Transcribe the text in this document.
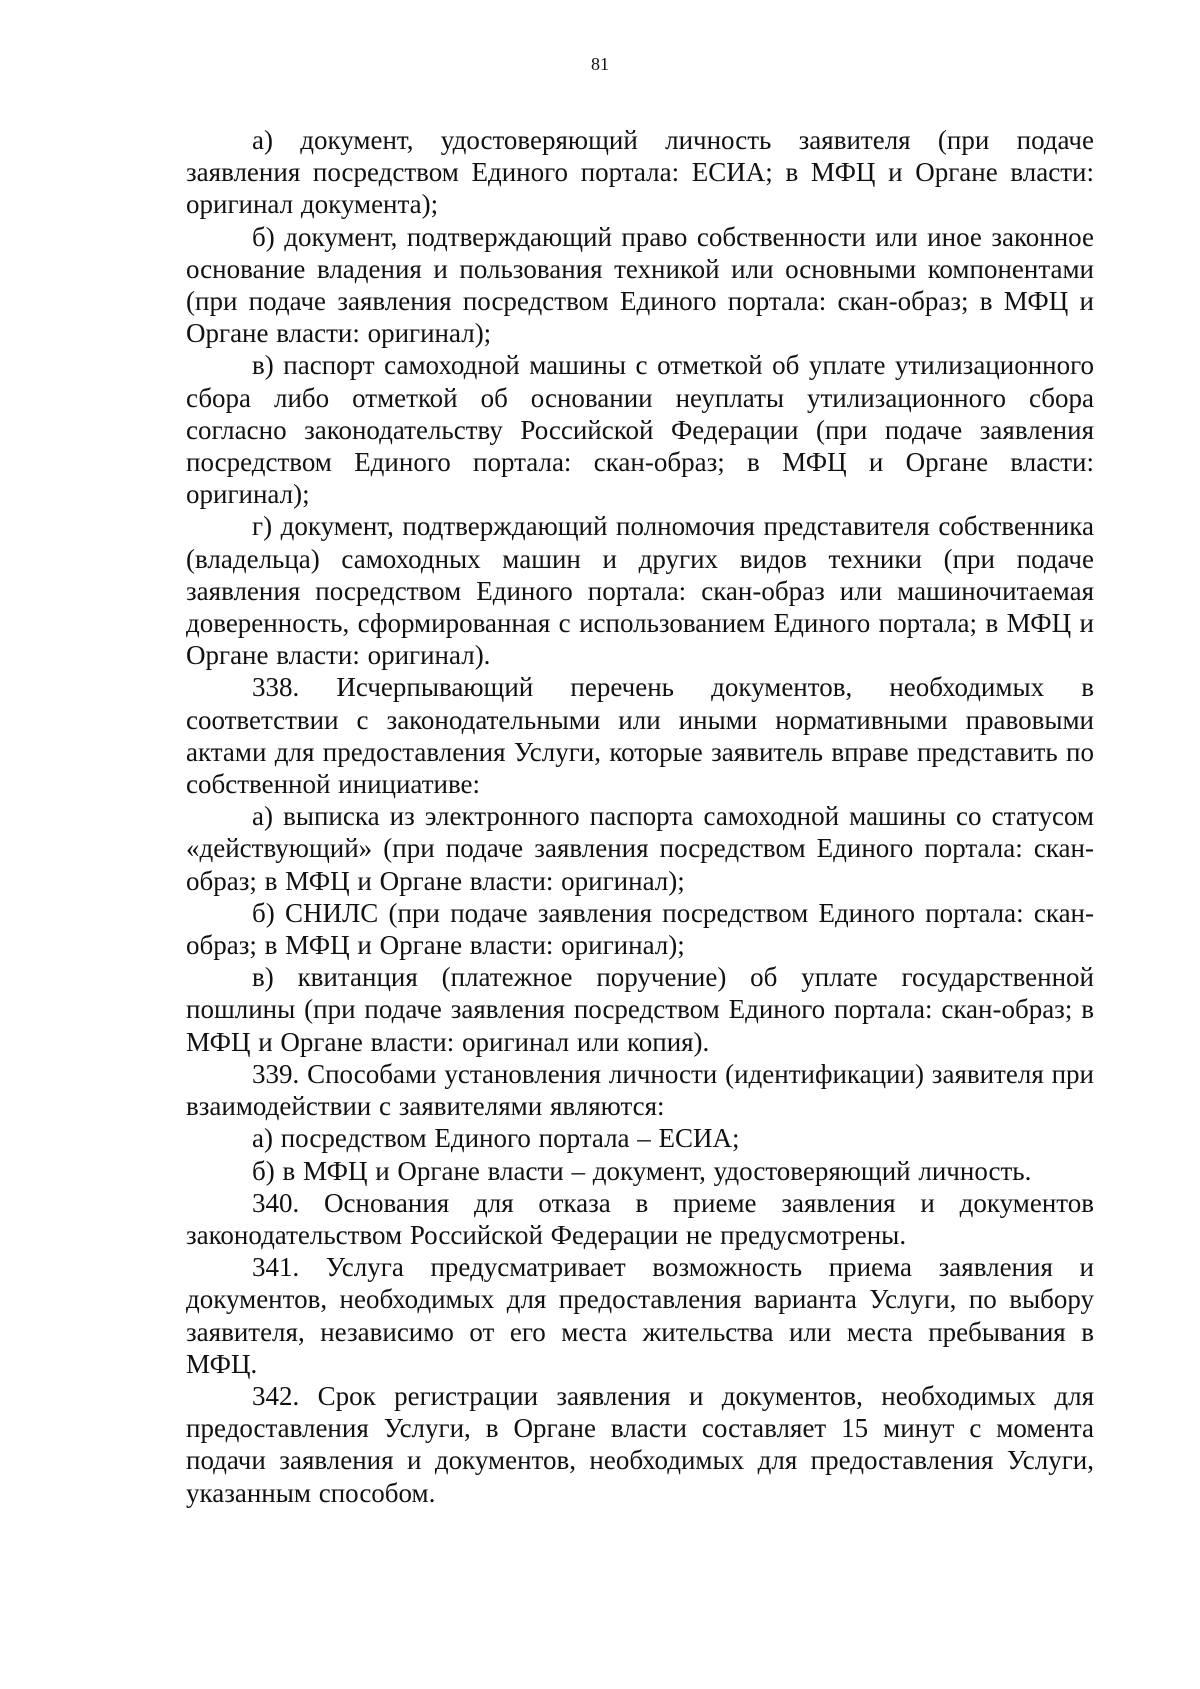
81

а) документ, удостоверяющий личность заявителя (при подаче заявления посредством Единого портала: ЕСИА; в МФЦ и Органе власти: оригинал документа);

б) документ, подтверждающий право собственности или иное законное основание владения и пользования техникой или основными компонентами (при подаче заявления посредством Единого портала: скан-образ; в МФЦ и Органе власти: оригинал);

в) паспорт самоходной машины с отметкой об уплате утилизационного сбора либо отметкой об основании неуплаты утилизационного сбора согласно законодательству Российской Федерации (при подаче заявления посредством Единого портала: скан-образ; в МФЦ и Органе власти: оригинал);

г) документ, подтверждающий полномочия представителя собственника (владельца) самоходных машин и других видов техники (при подаче заявления посредством Единого портала: скан-образ или машиночитаемая доверенность, сформированная с использованием Единого портала; в МФЦ и Органе власти: оригинал).

338. Исчерпывающий перечень документов, необходимых в соответствии с законодательными или иными нормативными правовыми актами для предоставления Услуги, которые заявитель вправе представить по собственной инициативе:

а) выписка из электронного паспорта самоходной машины со статусом «действующий» (при подаче заявления посредством Единого портала: скан-образ; в МФЦ и Органе власти: оригинал);

б) СНИЛС (при подаче заявления посредством Единого портала: скан-образ; в МФЦ и Органе власти: оригинал);

в) квитанция (платежное поручение) об уплате государственной пошлины (при подаче заявления посредством Единого портала: скан-образ; в МФЦ и Органе власти: оригинал или копия).

339. Способами установления личности (идентификации) заявителя при взаимодействии с заявителями являются:

а) посредством Единого портала – ЕСИА;

б) в МФЦ и Органе власти – документ, удостоверяющий личность.

340. Основания для отказа в приеме заявления и документов законодательством Российской Федерации не предусмотрены.

341. Услуга предусматривает возможность приема заявления и документов, необходимых для предоставления варианта Услуги, по выбору заявителя, независимо от его места жительства или места пребывания в МФЦ.

342. Срок регистрации заявления и документов, необходимых для предоставления Услуги, в Органе власти составляет 15 минут с момента подачи заявления и документов, необходимых для предоставления Услуги, указанным способом.
